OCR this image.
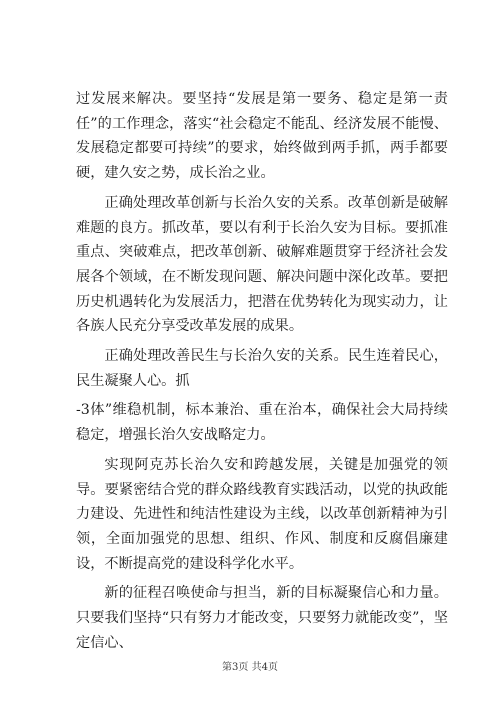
过发展来解决。要坚持“发展是第一要务、稳定是第一责任”的工作理念，落实“社会稳定不能乱、经济发展不能慢、发展稳定都要可持续”的要求，始终做到两手抓，两手都要硬，建久安之势，成长治之业。

正确处理改革创新与长治久安的关系。改革创新是破解难题的良方。抓改革，要以有利于长治久安为目标。要抓准重点、突破难点，把改革创新、破解难题贯穿于经济社会发展各个领域，在不断发现问题、解决问题中深化改革。要把历史机遇转化为发展活力，把潜在优势转化为现实动力，让各族人民充分享受改革发展的成果。

正确处理改善民生与长治久安的关系。民生连着民心，民生凝聚人心。抓

-3体”维稳机制，标本兼治、重在治本，确保社会大局持续稳定，增强长治久安战略定力。

实现阿克苏长治久安和跨越发展，关键是加强党的领导。要紧密结合党的群众路线教育实践活动，以党的执政能力建设、先进性和纯洁性建设为主线，以改革创新精神为引领，全面加强党的思想、组织、作风、制度和反腐倡廉建设，不断提高党的建设科学化水平。

新的征程召唤使命与担当，新的目标凝聚信心和力量。只要我们坚持“只有努力才能改变，只要努力就能改变”，坚定信心、

第3页 共4页
